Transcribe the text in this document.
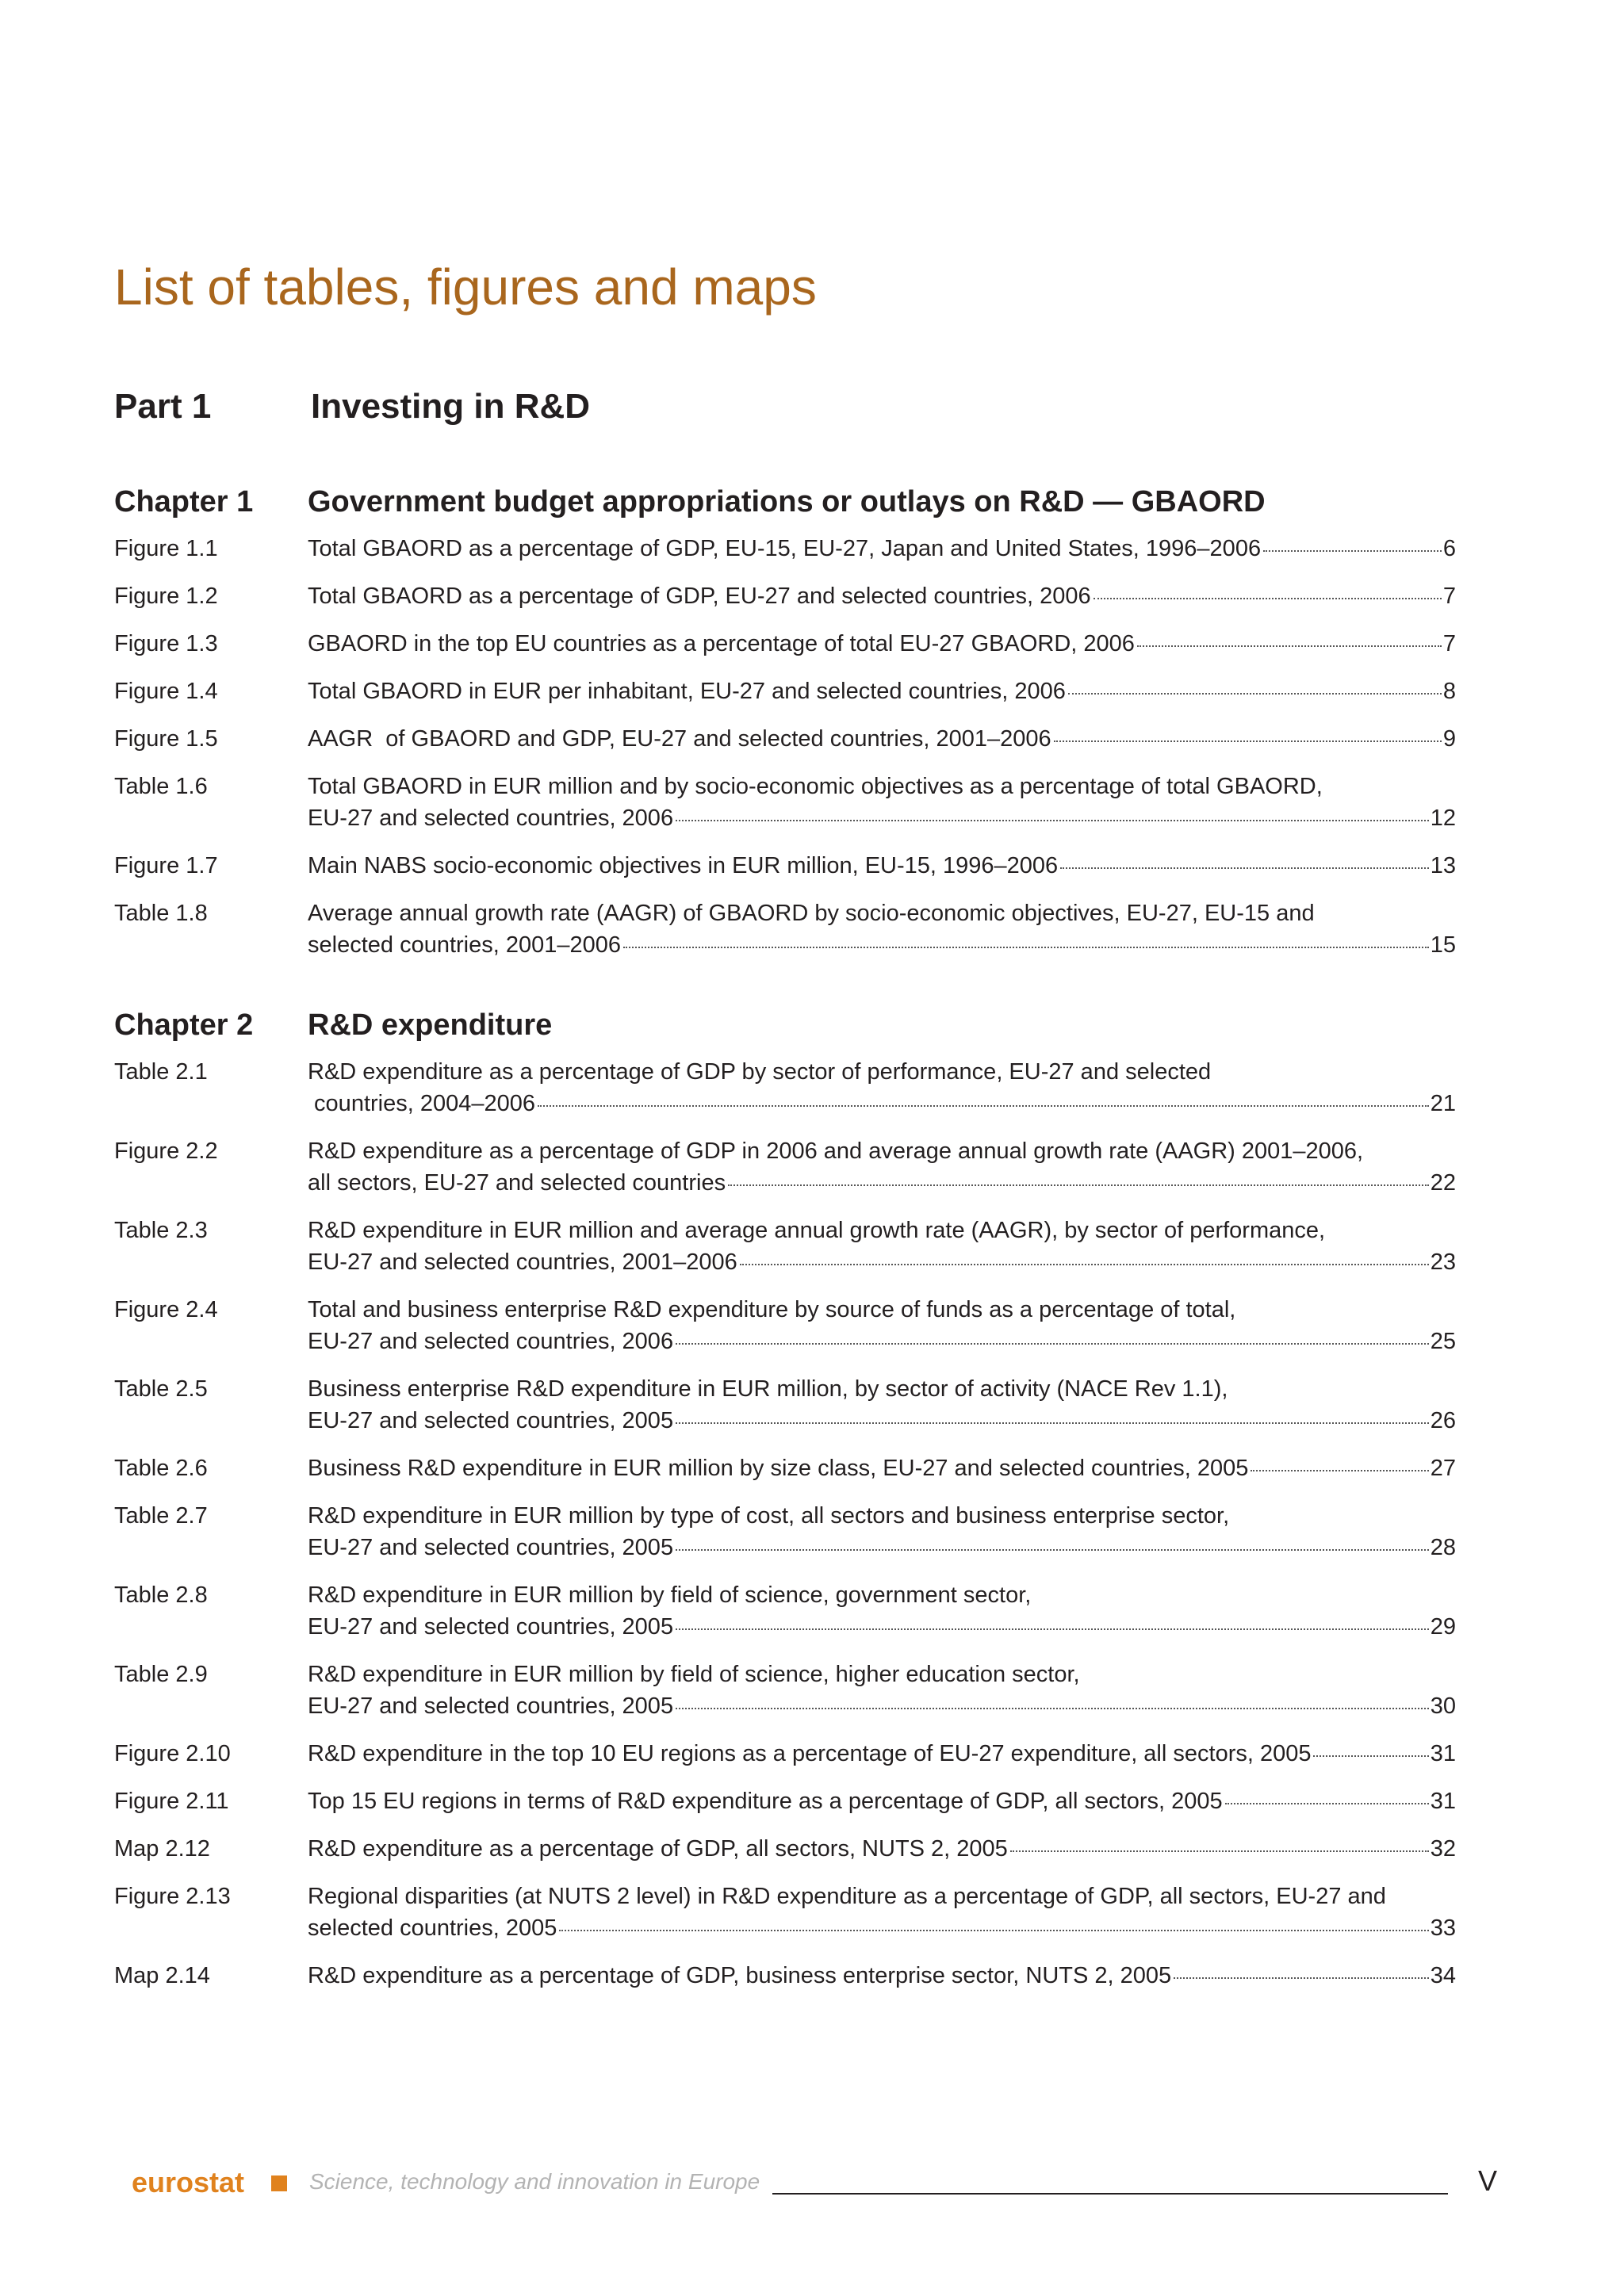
List of tables, figures and maps
Part 1	Investing in R&D
Chapter 1 Government budget appropriations or outlays on R&D — GBAORD
Figure 1.1	Total GBAORD as a percentage of GDP, EU-15, EU-27, Japan and United States, 1996–2006	6
Figure 1.2	Total GBAORD as a percentage of GDP, EU-27 and selected countries, 2006	7
Figure 1.3	GBAORD in the top EU countries as a percentage of total EU-27 GBAORD, 2006	7
Figure 1.4	Total GBAORD in EUR per inhabitant, EU-27 and selected countries, 2006	8
Figure 1.5	AAGR  of GBAORD and GDP, EU-27 and selected countries, 2001–2006	9
Table 1.6	Total GBAORD in EUR million and by socio-economic objectives as a percentage of total GBAORD,
EU-27 and selected countries, 2006	12
Figure 1.7	Main NABS socio-economic objectives in EUR million, EU-15, 1996–2006	13
Table 1.8	Average annual growth rate (AAGR) of GBAORD by socio-economic objectives, EU-27, EU-15 and
selected countries, 2001–2006	15
Chapter 2 R&D expenditure
Table 2.1	R&D expenditure as a percentage of GDP by sector of performance, EU-27 and selected
countries, 2004–2006	21
Figure 2.2	R&D expenditure as a percentage of GDP in 2006 and average annual growth rate (AAGR) 2001–2006,
all sectors, EU-27 and selected countries	22
Table 2.3	R&D expenditure in EUR million and average annual growth rate (AAGR), by sector of performance,
EU-27 and selected countries, 2001–2006	23
Figure 2.4	Total and business enterprise R&D expenditure by source of funds as a percentage of total,
EU-27 and selected countries, 2006	25
Table 2.5	Business enterprise R&D expenditure in EUR million, by sector of activity (NACE Rev 1.1),
EU-27 and selected countries, 2005	26
Table 2.6	Business R&D expenditure in EUR million by size class, EU-27 and selected countries, 2005	27
Table 2.7	R&D expenditure in EUR million by type of cost, all sectors and business enterprise sector,
EU-27 and selected countries, 2005	28
Table 2.8	R&D expenditure in EUR million by field of science, government sector,
EU-27 and selected countries, 2005	29
Table 2.9	R&D expenditure in EUR million by field of science, higher education sector,
EU-27 and selected countries, 2005	30
Figure 2.10	R&D expenditure in the top 10 EU regions as a percentage of EU-27 expenditure, all sectors, 2005	31
Figure 2.11	Top 15 EU regions in terms of R&D expenditure as a percentage of GDP, all sectors, 2005	31
Map 2.12	R&D expenditure as a percentage of GDP, all sectors, NUTS 2, 2005	32
Figure 2.13	Regional disparities (at NUTS 2 level) in R&D expenditure as a percentage of GDP, all sectors, EU-27 and
selected countries, 2005	33
Map 2.14	R&D expenditure as a percentage of GDP, business enterprise sector, NUTS 2, 2005	34
eurostat	Science, technology and innovation in Europe	V
